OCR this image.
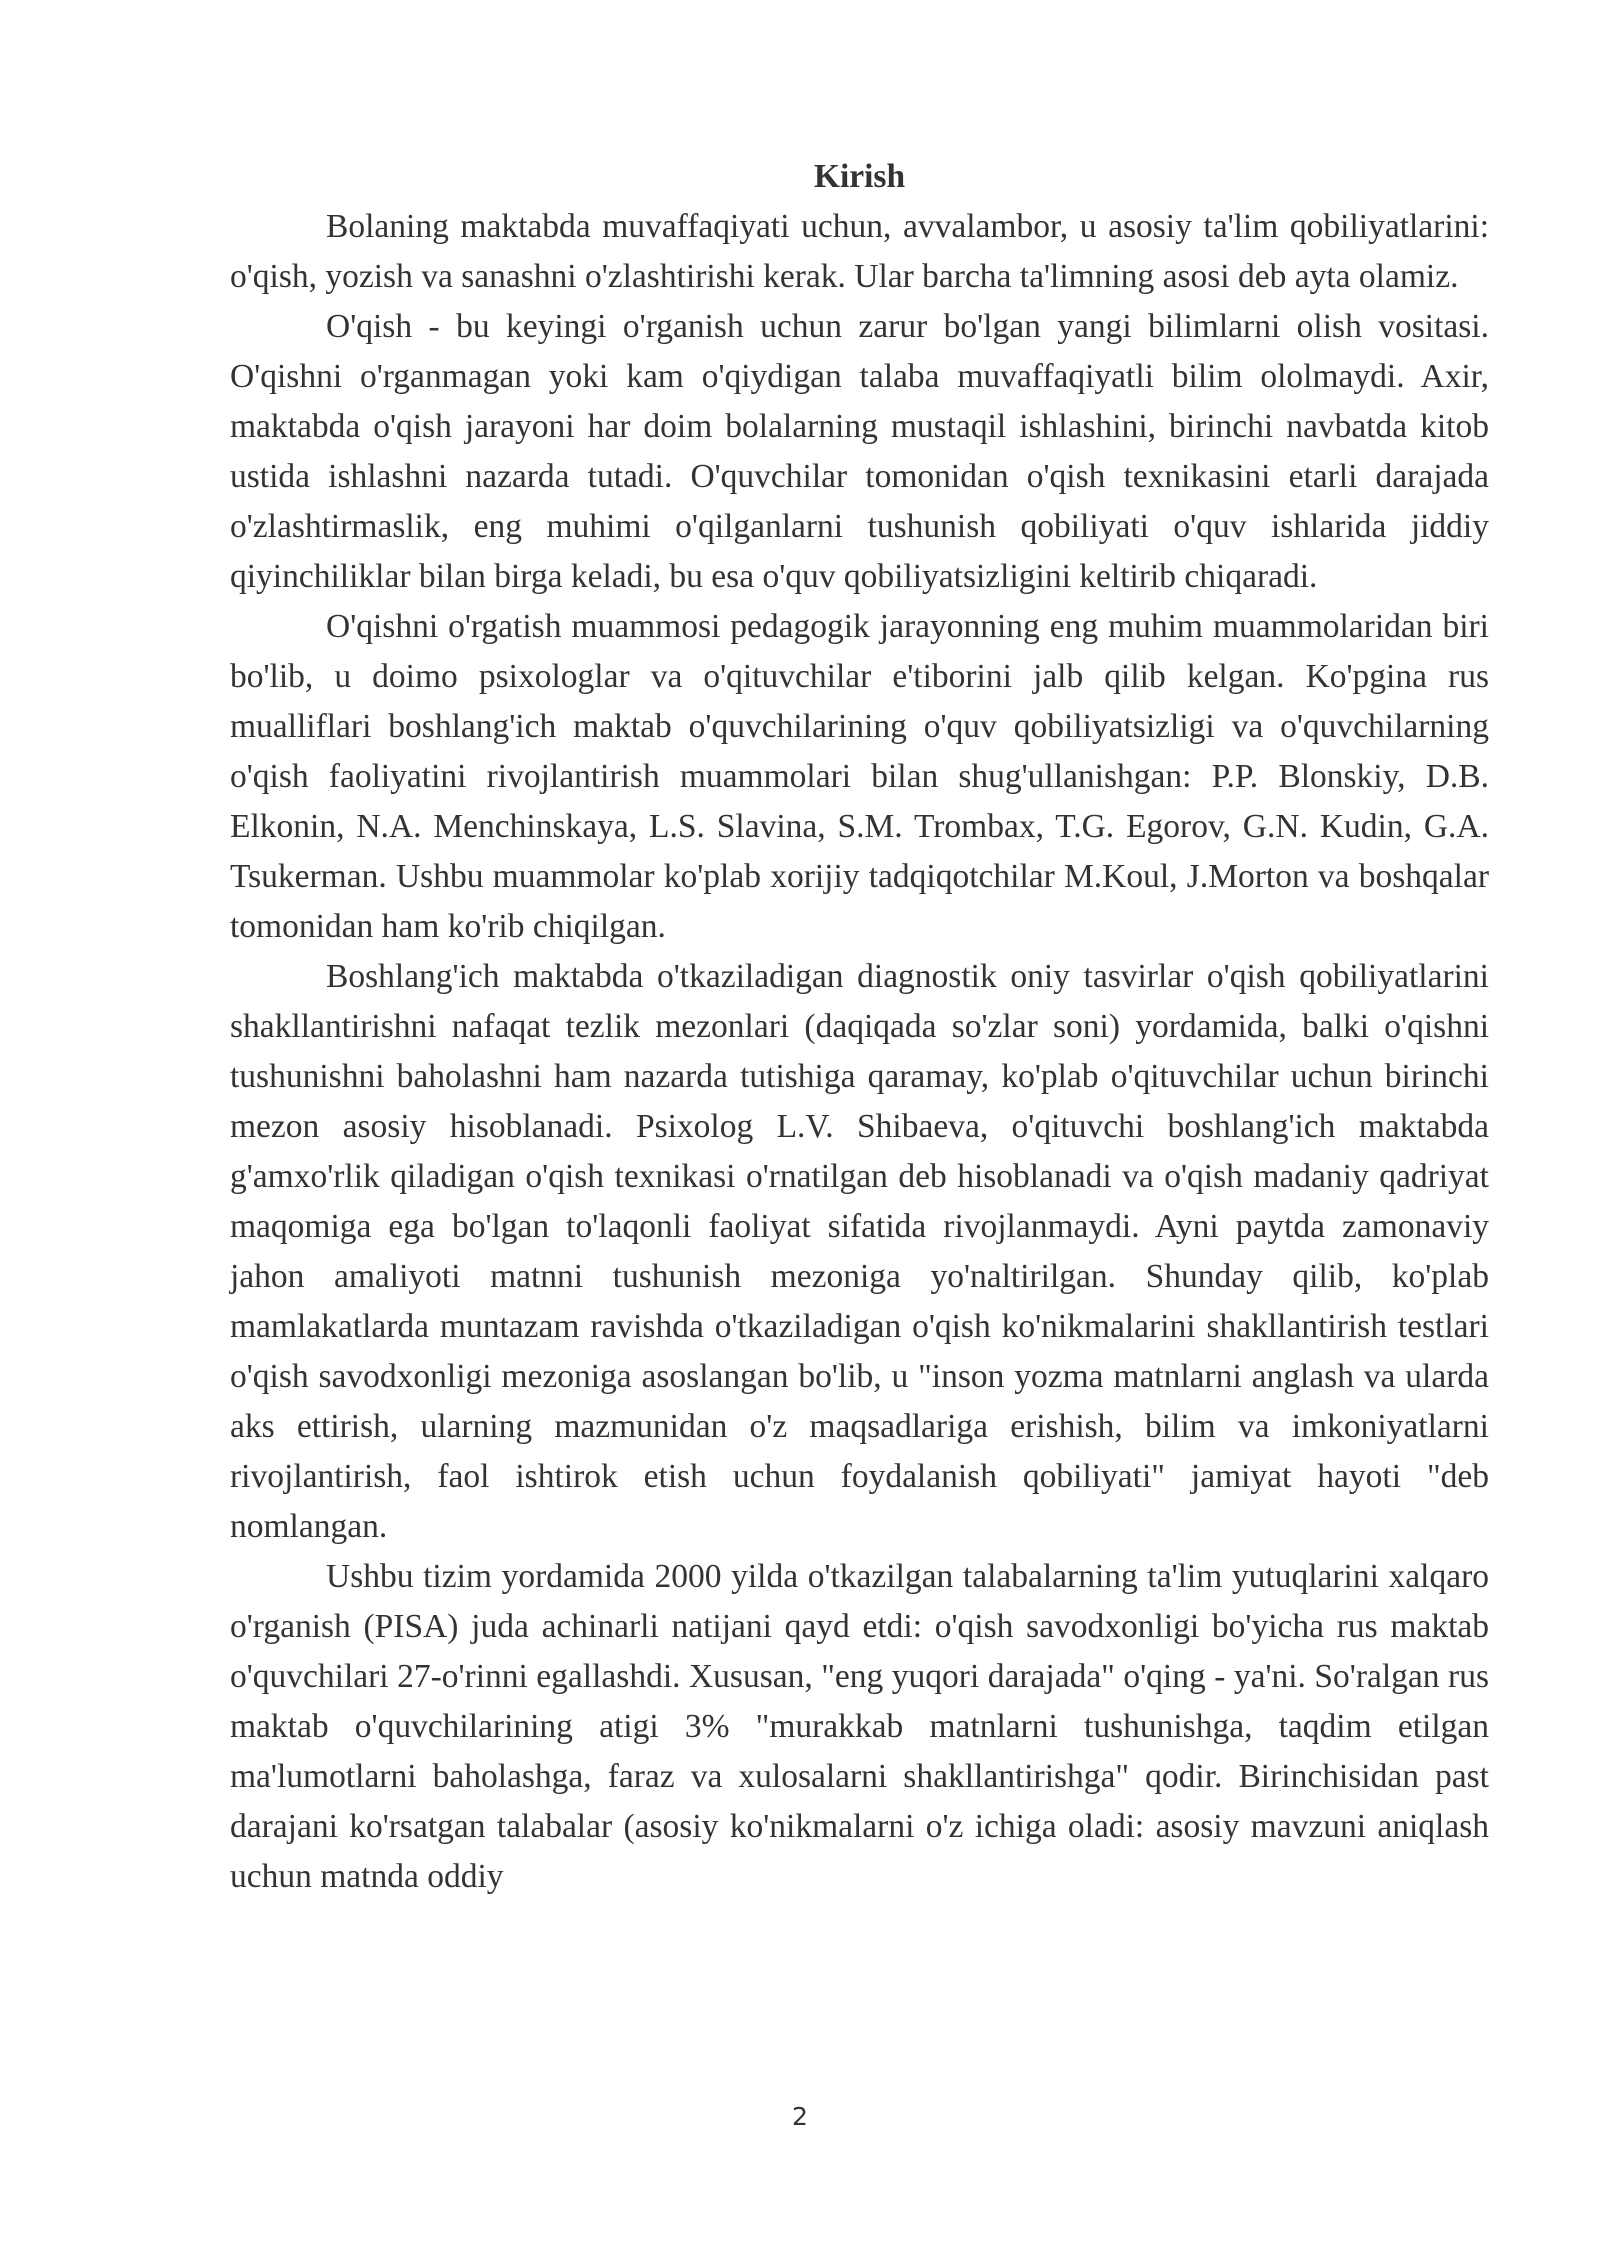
Kirish

Bolaning maktabda muvaffaqiyati uchun, avvalambor, u asosiy ta'lim qobiliyatlarini: o'qish, yozish va sanashni o'zlashtirishi kerak. Ular barcha ta'limning asosi deb ayta olamiz.

O'qish - bu keyingi o'rganish uchun zarur bo'lgan yangi bilimlarni olish vositasi. O'qishni o'rganmagan yoki kam o'qiydigan talaba muvaffaqiyatli bilim ololmaydi. Axir, maktabda o'qish jarayoni har doim bolalarning mustaqil ishlashini, birinchi navbatda kitob ustida ishlashni nazarda tutadi. O'quvchilar tomonidan o'qish texnikasini etarli darajada o'zlashtirmaslik, eng muhimi o'qilganlarni tushunish qobiliyati o'quv ishlarida jiddiy qiyinchiliklar bilan birga keladi, bu esa o'quv qobiliyatsizligini keltirib chiqaradi.

O'qishni o'rgatish muammosi pedagogik jarayonning eng muhim muammolaridan biri bo'lib, u doimo psixologlar va o'qituvchilar e'tiborini jalb qilib kelgan. Ko'pgina rus mualliflari boshlang'ich maktab o'quvchilarining o'quv qobiliyatsizligi va o'quvchilarning o'qish faoliyatini rivojlantirish muammolari bilan shug'ullanishgan: P.P. Blonskiy, D.B. Elkonin, N.A. Menchinskaya, L.S. Slavina, S.M. Trombax, T.G. Egorov, G.N. Kudin, G.A. Tsukerman. Ushbu muammolar ko'plab xorijiy tadqiqotchilar M.Koul, J.Morton va boshqalar tomonidan ham ko'rib chiqilgan.

Boshlang'ich maktabda o'tkaziladigan diagnostik oniy tasvirlar o'qish qobiliyatlarini shakllantirishni nafaqat tezlik mezonlari (daqiqada so'zlar soni) yordamida, balki o'qishni tushunishni baholashni ham nazarda tutishiga qaramay, ko'plab o'qituvchilar uchun birinchi mezon asosiy hisoblanadi. Psixolog L.V. Shibaeva, o'qituvchi boshlang'ich maktabda g'amxo'rlik qiladigan o'qish texnikasi o'rnatilgan deb hisoblanadi va o'qish madaniy qadriyat maqomiga ega bo'lgan to'laqonli faoliyat sifatida rivojlanmaydi. Ayni paytda zamonaviy jahon amaliyoti matnni tushunish mezoniga yo'naltirilgan. Shunday qilib, ko'plab mamlakatlarda muntazam ravishda o'tkaziladigan o'qish ko'nikmalarini shakllantirish testlari o'qish savodxonligi mezoniga asoslangan bo'lib, u "inson yozma matnlarni anglash va ularda aks ettirish, ularning mazmunidan o'z maqsadlariga erishish, bilim va imkoniyatlarni rivojlantirish, faol ishtirok etish uchun foydalanish qobiliyati" jamiyat hayoti "deb nomlangan.

Ushbu tizim yordamida 2000 yilda o'tkazilgan talabalarning ta'lim yutuqlarini xalqaro o'rganish (PISA) juda achinarli natijani qayd etdi: o'qish savodxonligi bo'yicha rus maktab o'quvchilari 27-o'rinni egallashdi. Xususan, "eng yuqori darajada" o'qing - ya'ni. So'ralgan rus maktab o'quvchilarining atigi 3% "murakkab matnlarni tushunishga, taqdim etilgan ma'lumotlarni baholashga, faraz va xulosalarni shakllantirishga" qodir. Birinchisidan past darajani ko'rsatgan talabalar (asosiy ko'nikmalarni o'z ichiga oladi: asosiy mavzuni aniqlash uchun matnda oddiy

2
